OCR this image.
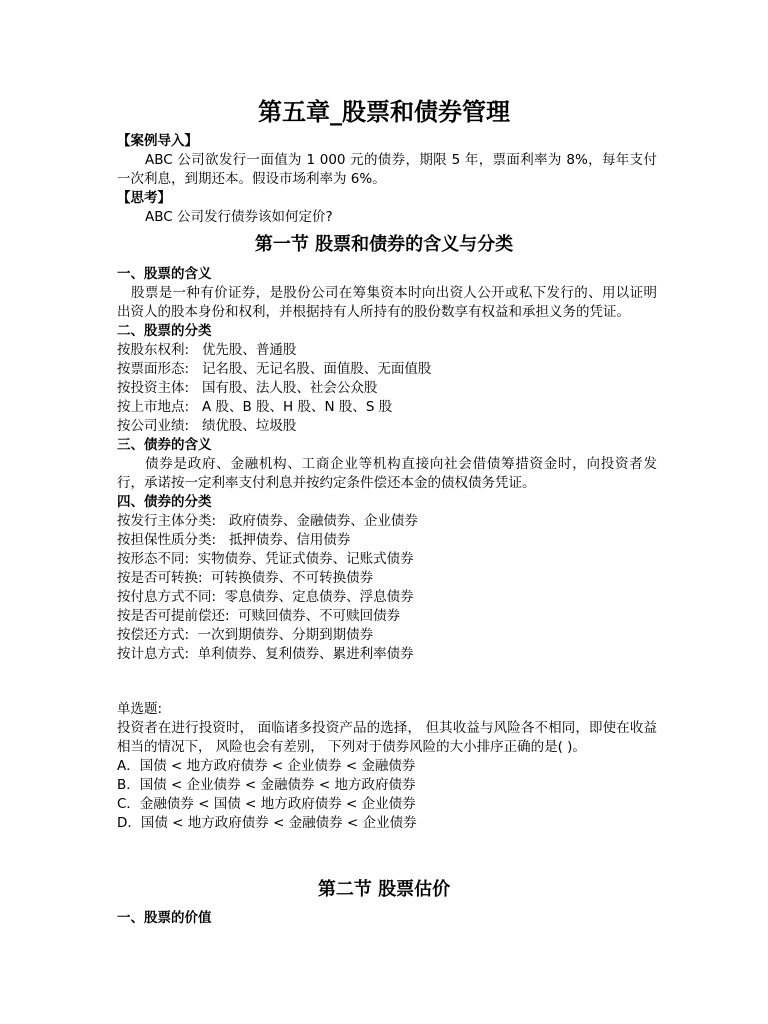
第五章_股票和债券管理
【案例导入】
ABC 公司欲发行一面值为 1 000 元的债券，期限 5 年，票面利率为 8%，每年支付一次利息，到期还本。假设市场利率为 6%。
【思考】
ABC 公司发行债券该如何定价?
第一节 股票和债券的含义与分类
一、股票的含义
股票是一种有价证券，是股份公司在筹集资本时向出资人公开或私下发行的、用以证明出资人的股本身份和权利，并根据持有人所持有的股份数享有权益和承担义务的凭证。
二、股票的分类
按股东权利: 优先股、普通股
按票面形态: 记名股、无记名股、面值股、无面值股
按投资主体: 国有股、法人股、社会公众股
按上市地点: A 股、B 股、H 股、N 股、S 股
按公司业绩: 绩优股、垃圾股
三、债券的含义
债券是政府、金融机构、工商企业等机构直接向社会借债筹措资金时，向投资者发行，承诺按一定利率支付利息并按约定条件偿还本金的债权债务凭证。
四、债券的分类
按发行主体分类: 政府债券、金融债券、企业债券
按担保性质分类: 抵押债券、信用债券
按形态不同: 实物债券、凭证式债券、记账式债券
按是否可转换: 可转换债券、不可转换债券
按付息方式不同: 零息债券、定息债券、浮息债券
按是否可提前偿还: 可赎回债券、不可赎回债券
按偿还方式: 一次到期债券、分期到期债券
按计息方式: 单利债券、复利债券、累进利率债券
单选题:
投资者在进行投资时， 面临诸多投资产品的选择， 但其收益与风险各不相同，即使在收益相当的情况下， 风险也会有差别， 下列对于债券风险的大小排序正确的是( )。
A．国债 < 地方政府债券 < 企业债券 < 金融债券
B．国债 < 企业债券 < 金融债券 < 地方政府债券
C．金融债券 < 国债 < 地方政府债券 < 企业债券
D．国债 < 地方政府债券 < 金融债券 < 企业债券
第二节 股票估价
一、股票的价值
